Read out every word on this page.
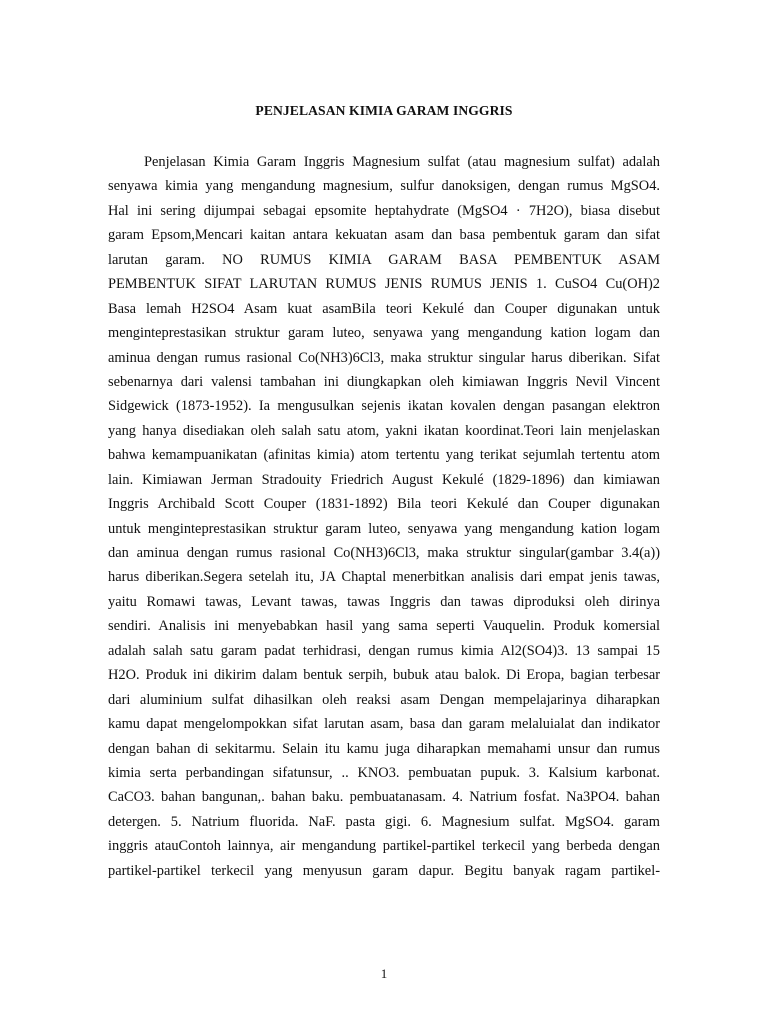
PENJELASAN KIMIA GARAM INGGRIS
Penjelasan Kimia Garam Inggris Magnesium sulfat (atau magnesium sulfat) adalah
senyawa kimia yang mengandung magnesium, sulfur danoksigen, dengan rumus MgSO4.
Hal ini sering dijumpai sebagai epsomite heptahydrate (MgSO4 · 7H2O), biasa disebut
garam Epsom,Mencari kaitan antara kekuatan asam dan basa pembentuk garam dan sifat
larutan garam. NO RUMUS KIMIA GARAM BASA PEMBENTUK ASAM
PEMBENTUK SIFAT LARUTAN RUMUS JENIS RUMUS JENIS 1. CuSO4 Cu(OH)2
Basa lemah H2SO4 Asam kuat asamBila teori Kekulé dan Couper digunakan untuk
menginteprestasikan struktur garam luteo, senyawa yang mengandung kation logam dan
aminua dengan rumus rasional Co(NH3)6Cl3, maka struktur singular harus diberikan. Sifat
sebenarnya dari valensi tambahan ini diungkapkan oleh kimiawan Inggris Nevil Vincent
Sidgewick (1873-1952). Ia mengusulkan sejenis ikatan kovalen dengan pasangan elektron
yang hanya disediakan oleh salah satu atom, yakni ikatan koordinat.Teori lain menjelaskan
bahwa kemampuanikatan (afinitas kimia) atom tertentu yang terikat sejumlah tertentu atom
lain. Kimiawan Jerman Stradouity Friedrich August Kekulé (1829-1896) dan kimiawan
Inggris Archibald Scott Couper (1831-1892) Bila teori Kekulé dan Couper digunakan
untuk menginteprestasikan struktur garam luteo, senyawa yang mengandung kation logam
dan aminua dengan rumus rasional Co(NH3)6Cl3, maka struktur singular(gambar 3.4(a))
harus diberikan.Segera setelah itu, JA Chaptal menerbitkan analisis dari empat jenis tawas,
yaitu Romawi tawas, Levant tawas, tawas Inggris dan tawas diproduksi oleh dirinya
sendiri. Analisis ini menyebabkan hasil yang sama seperti Vauquelin. Produk komersial
adalah salah satu garam padat terhidrasi, dengan rumus kimia Al2(SO4)3. 13 sampai 15
H2O. Produk ini dikirim dalam bentuk serpih, bubuk atau balok. Di Eropa, bagian terbesar
dari aluminium sulfat dihasilkan oleh reaksi asam Dengan mempelajarinya diharapkan
kamu dapat mengelompokkan sifat larutan asam, basa dan garam melaluialat dan indikator
dengan bahan di sekitarmu. Selain itu kamu juga diharapkan memahami unsur dan rumus
kimia serta perbandingan sifatunsur, .. KNO3. pembuatan pupuk. 3. Kalsium karbonat.
CaCO3. bahan bangunan,. bahan baku. pembuatanasam. 4. Natrium fosfat. Na3PO4. bahan
detergen. 5. Natrium fluorida. NaF. pasta gigi. 6. Magnesium sulfat. MgSO4. garam
inggris atauContoh lainnya, air mengandung partikel-partikel terkecil yang berbeda dengan
partikel-partikel terkecil yang menyusun garam dapur. Begitu banyak ragam partikel-
1
